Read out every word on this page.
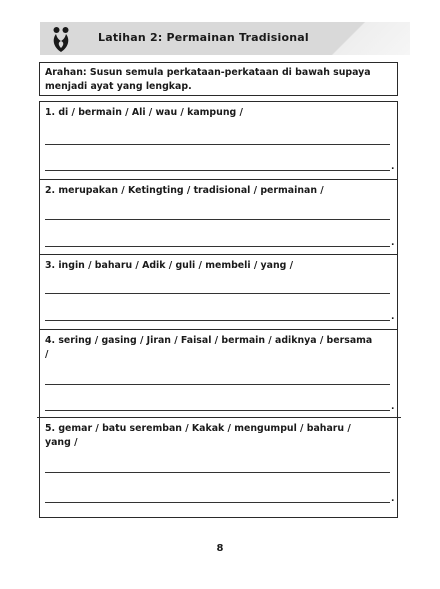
Latihan 2: Permainan Tradisional
Arahan: Susun semula perkataan-perkataan di bawah supaya menjadi ayat yang lengkap.
1. di / bermain / Ali / wau / kampung /
.
2. merupakan / Ketingting / tradisional / permainan /
.
3. ingin / baharu / Adik / guli / membeli / yang /
.
4. sering / gasing / Jiran / Faisal / bermain / adiknya / bersama /
.
5. gemar / batu seremban / Kakak / mengumpul / baharu / yang /
.
8
